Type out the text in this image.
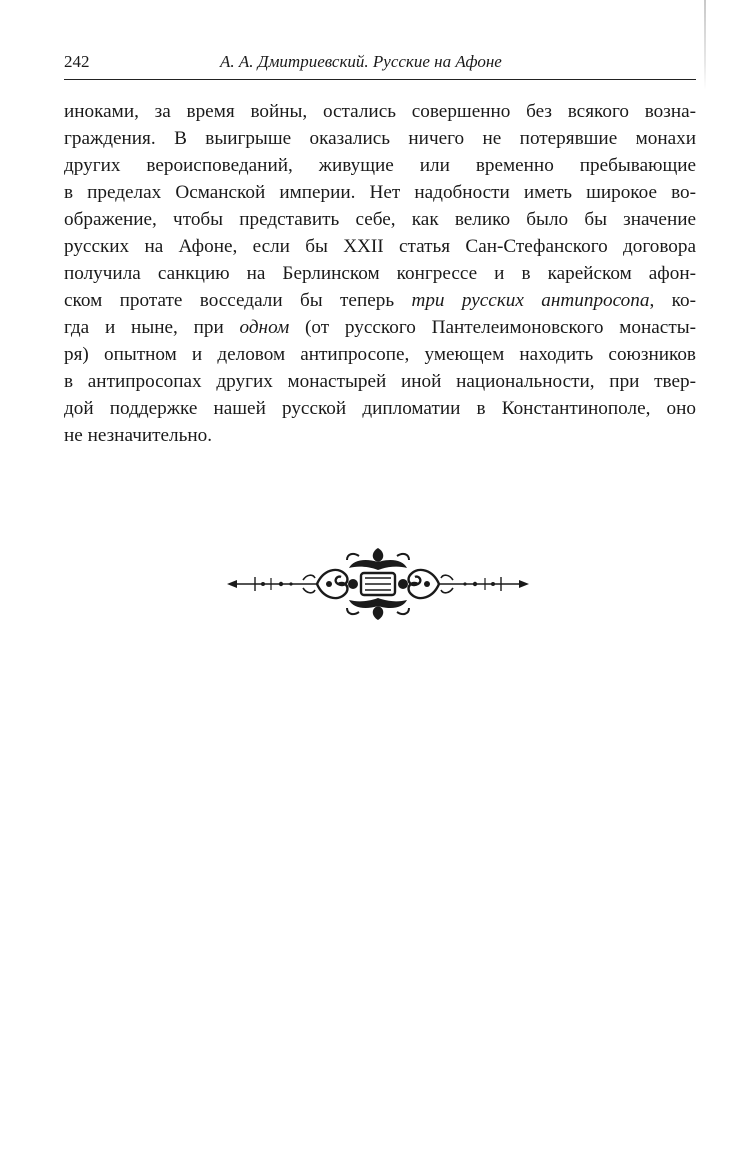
242	А. А. Дмитриевский. Русские на Афоне
иноками, за время войны, остались совершенно без всякого возна-
граждения. В выигрыше оказались ничего не потерявшие монахи
других вероисповеданий, живущие или временно пребывающие
в пределах Османской империи. Нет надобности иметь широкое во-
ображение, чтобы представить себе, как велико было бы значение
русских на Афоне, если бы XXII статья Сан-Стефанского договора
получила санкцию на Берлинском конгрессе и в карейском афон-
ском протате восседали бы теперь три русских антипросопа, ко-
гда и ныне, при одном (от русского Пантелеимоновского монасты-
ря) опытном и деловом антипросопе, умеющем находить союзников
в антипросопах других монастырей иной национальности, при твер-
дой поддержке нашей русской дипломатии в Константинополе, оно
не незначительно.
